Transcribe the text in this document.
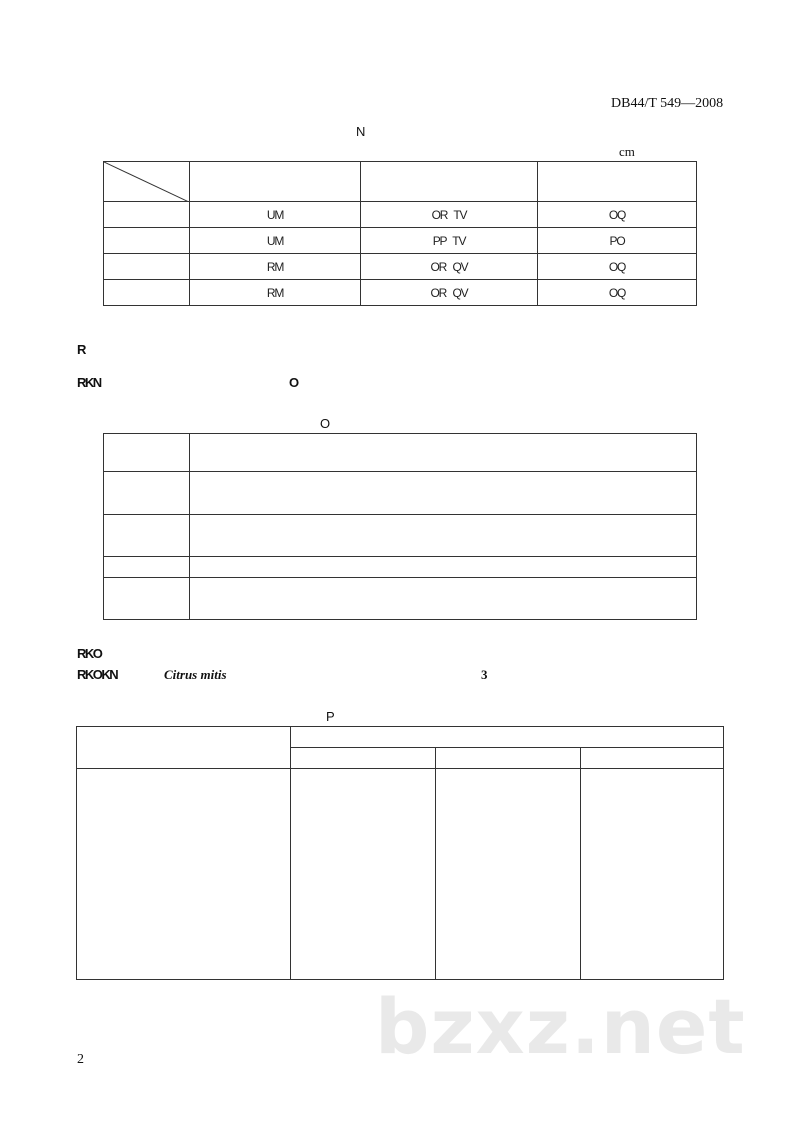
DB44/T 549—2008
N
cm

	UM	OR   TV	OQ
	UM	PP   TV	PO
	RM	OR   QV	OQ
	RM	OR   QV	OQ
R
RKN	O
O

RKO
RKOKN	Citrus mitis	3
P

bzxz.net
2
